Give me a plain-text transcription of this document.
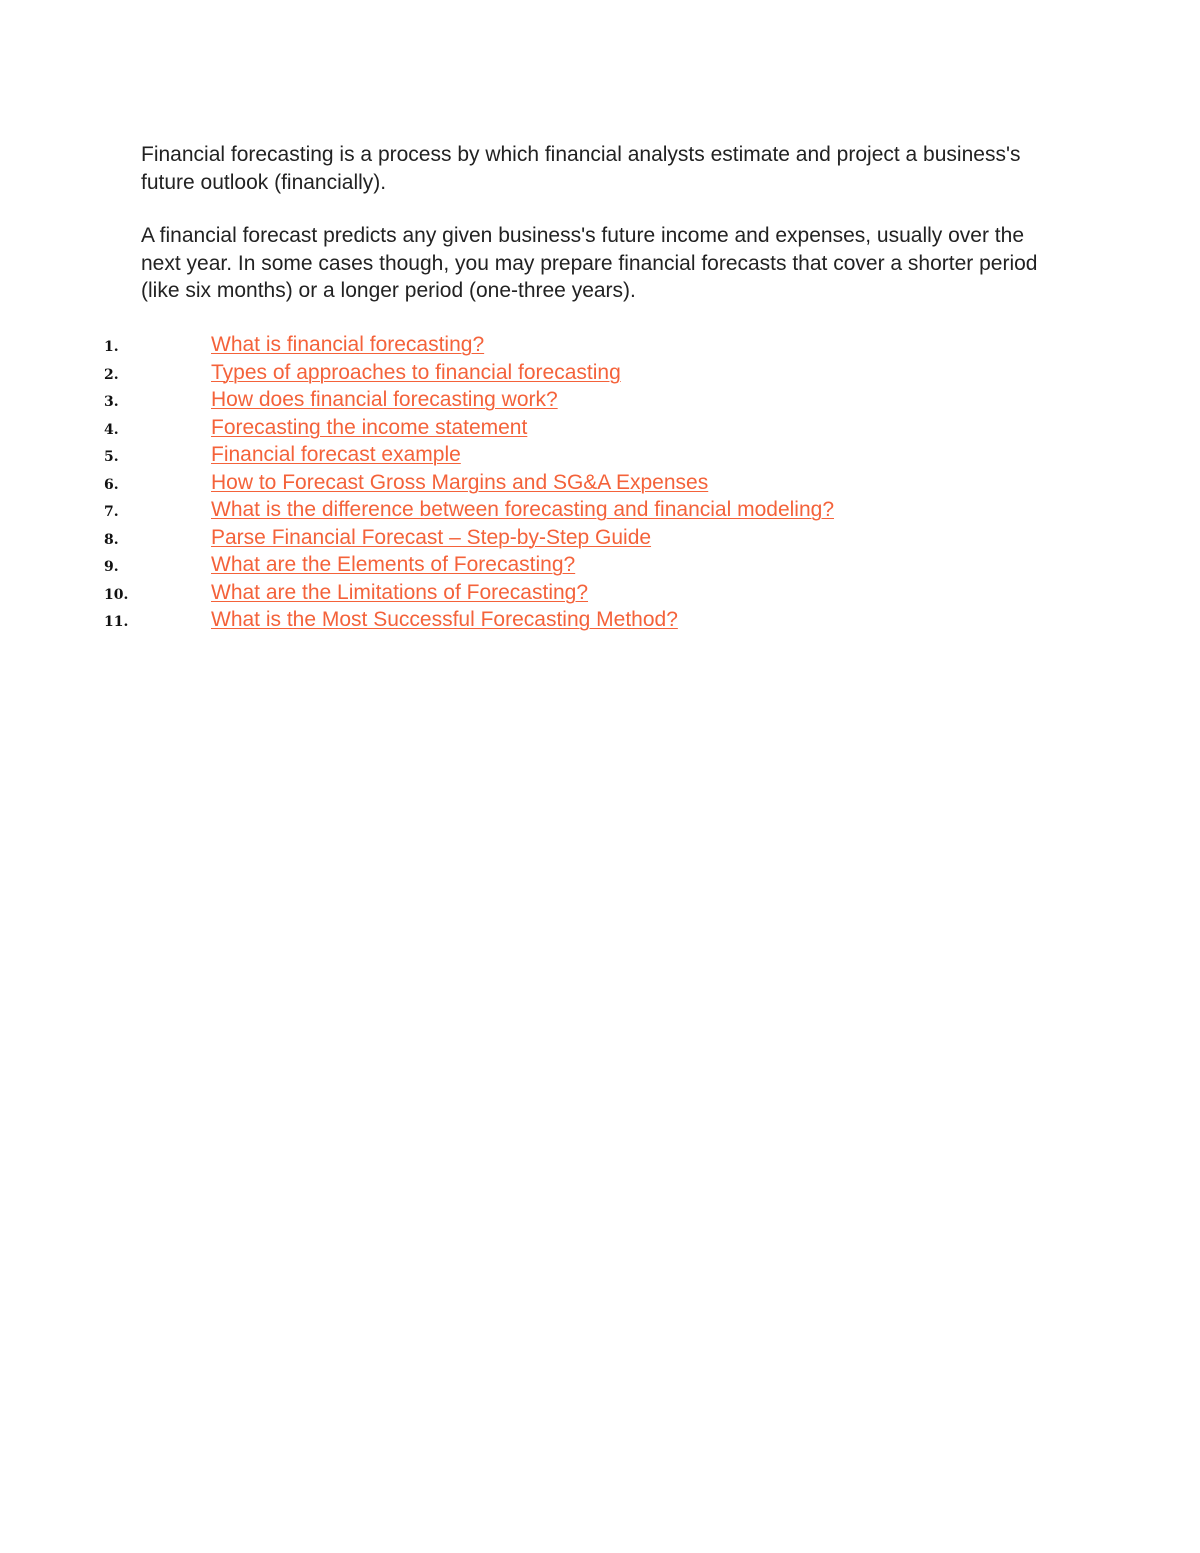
Financial forecasting is a process by which financial analysts estimate and project a business's future outlook (financially).

A financial forecast predicts any given business's future income and expenses, usually over the next year. In some cases though, you may prepare financial forecasts that cover a shorter period (like six months) or a longer period (one-three years).

1.	What is financial forecasting?
2.	Types of approaches to financial forecasting
3.	How does financial forecasting work?
4.	Forecasting the income statement
5.	Financial forecast example
6.	How to Forecast Gross Margins and SG&A Expenses
7.	What is the difference between forecasting and financial modeling?
8.	Parse Financial Forecast – Step-by-Step Guide
9.	What are the Elements of Forecasting?
10.	What are the Limitations of Forecasting?
11.	What is the Most Successful Forecasting Method?
